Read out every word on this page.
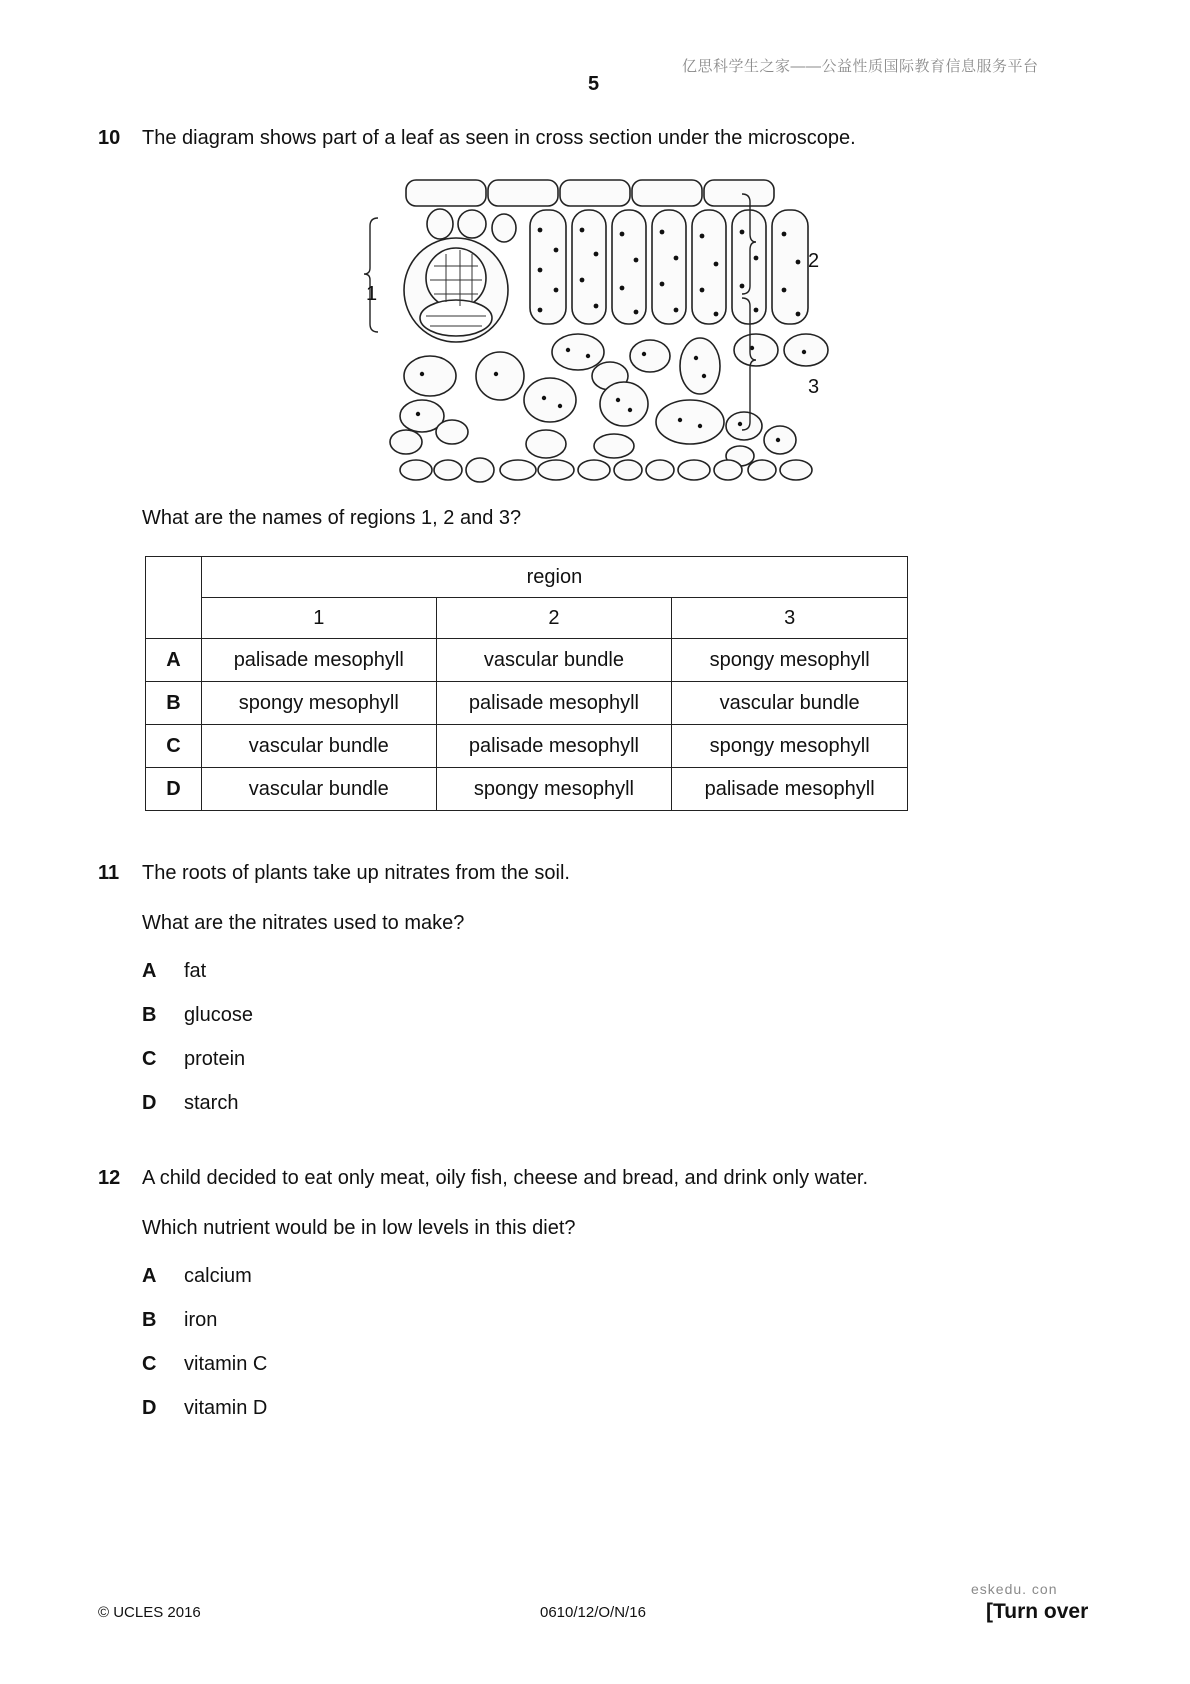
亿思科学生之家——公益性质国际教育信息服务平台
5
10 The diagram shows part of a leaf as seen in cross section under the microscope.
1
2
3
What are the names of regions 1, 2 and 3?
	region		
	1	2	3
A	palisade mesophyll	vascular bundle	spongy mesophyll
B	spongy mesophyll	palisade mesophyll	vascular bundle
C	vascular bundle	palisade mesophyll	spongy mesophyll
D	vascular bundle	spongy mesophyll	palisade mesophyll
11 The roots of plants take up nitrates from the soil.
What are the nitrates used to make?
A fat
B glucose
C protein
D starch
12 A child decided to eat only meat, oily fish, cheese and bread, and drink only water.
Which nutrient would be in low levels in this diet?
A calcium
B iron
C vitamin C
D vitamin D
eskedu. con
© UCLES 2016	0610/12/O/N/16	[Turn over
